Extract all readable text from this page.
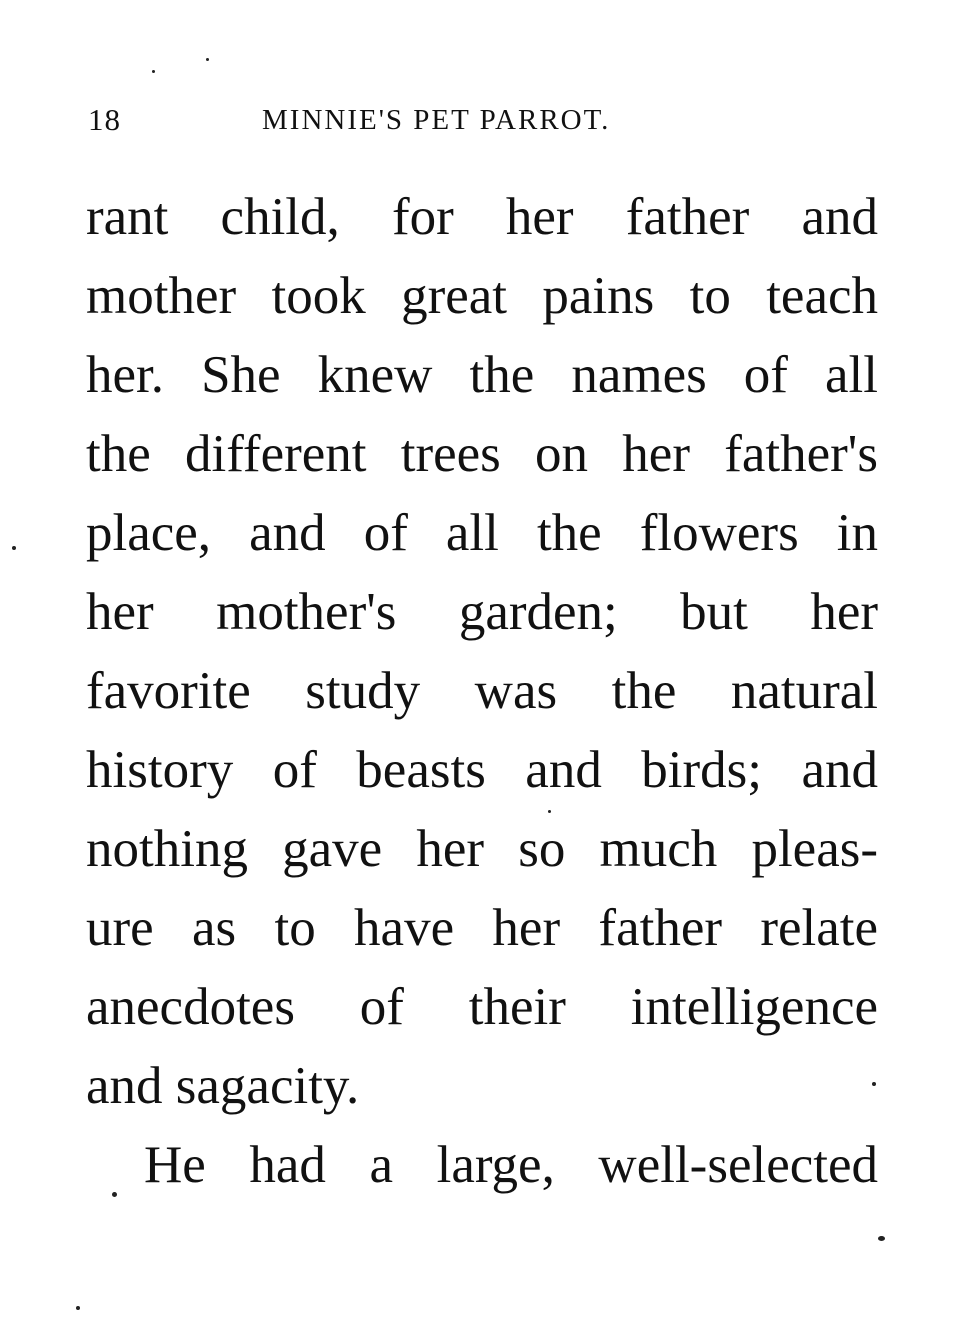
18	MINNIE'S PET PARROT.
rant child, for her father and
mother took great pains to teach
her. She knew the names of all
the different trees on her father's
place, and of all the flowers in
her mother's garden; but her
favorite study was the natural
history of beasts and birds; and
nothing gave her so much pleas-
ure as to have her father relate
anecdotes of their intelligence
and sagacity.
He had a large, well-selected
